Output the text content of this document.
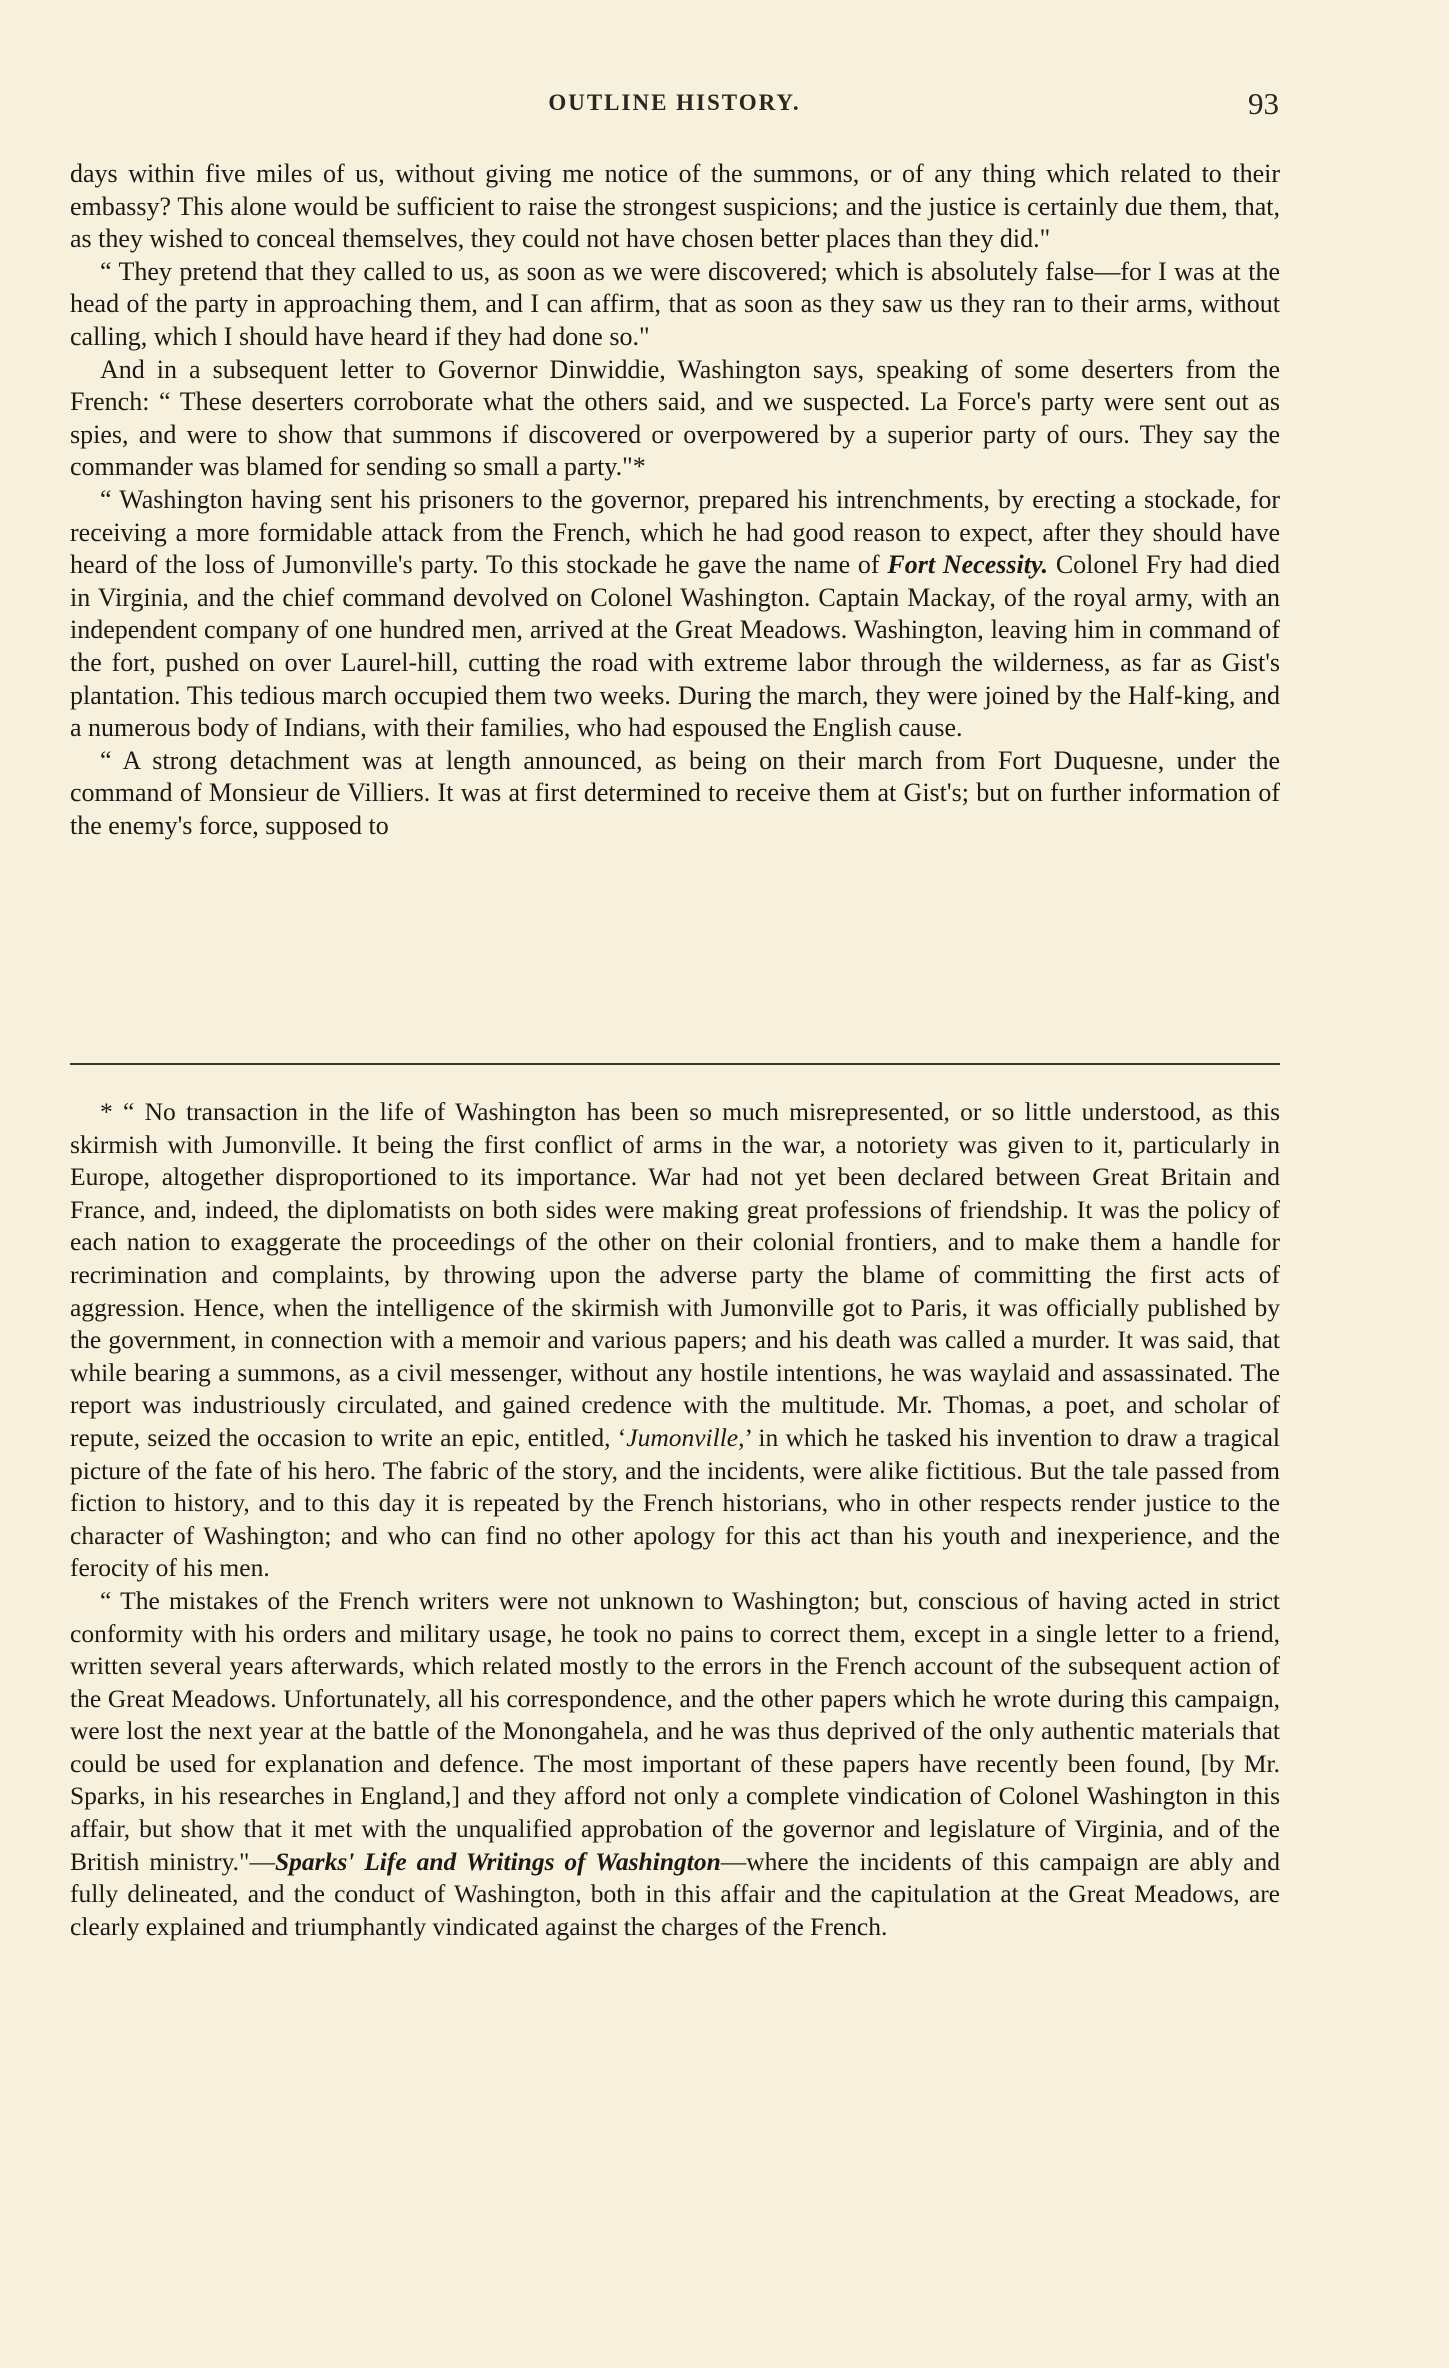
OUTLINE HISTORY.	93

days within five miles of us, without giving me notice of the summons, or of any thing which related to their embassy? This alone would be sufficient to raise the strongest suspicions; and the justice is certainly due them, that, as they wished to conceal themselves, they could not have chosen better places than they did."

“ They pretend that they called to us, as soon as we were discovered; which is absolutely false—for I was at the head of the party in approaching them, and I can affirm, that as soon as they saw us they ran to their arms, without calling, which I should have heard if they had done so."

And in a subsequent letter to Governor Dinwiddie, Washington says, speaking of some deserters from the French: “ These deserters corroborate what the others said, and we suspected. La Force's party were sent out as spies, and were to show that summons if discovered or overpowered by a superior party of ours. They say the commander was blamed for sending so small a party."*

“ Washington having sent his prisoners to the governor, prepared his intrenchments, by erecting a stockade, for receiving a more formidable attack from the French, which he had good reason to expect, after they should have heard of the loss of Jumonville's party. To this stockade he gave the name of Fort Necessity. Colonel Fry had died in Virginia, and the chief command devolved on Colonel Washington. Captain Mackay, of the royal army, with an independent company of one hundred men, arrived at the Great Meadows. Washington, leaving him in command of the fort, pushed on over Laurel-hill, cutting the road with extreme labor through the wilderness, as far as Gist's plantation. This tedious march occupied them two weeks. During the march, they were joined by the Half-king, and a numerous body of Indians, with their families, who had espoused the English cause.

“ A strong detachment was at length announced, as being on their march from Fort Duquesne, under the command of Monsieur de Villiers. It was at first determined to receive them at Gist's; but on further information of the enemy's force, supposed to

* “ No transaction in the life of Washington has been so much misrepresented, or so little understood, as this skirmish with Jumonville. It being the first conflict of arms in the war, a notoriety was given to it, particularly in Europe, altogether disproportioned to its importance. War had not yet been declared between Great Britain and France, and, indeed, the diplomatists on both sides were making great professions of friendship. It was the policy of each nation to exaggerate the proceedings of the other on their colonial frontiers, and to make them a handle for recrimination and complaints, by throwing upon the adverse party the blame of committing the first acts of aggression. Hence, when the intelligence of the skirmish with Jumonville got to Paris, it was officially published by the government, in connection with a memoir and various papers; and his death was called a murder. It was said, that while bearing a summons, as a civil messenger, without any hostile intentions, he was waylaid and assassinated. The report was industriously circulated, and gained credence with the multitude. Mr. Thomas, a poet, and scholar of repute, seized the occasion to write an epic, entitled, ‘Jumonville,’ in which he tasked his invention to draw a tragical picture of the fate of his hero. The fabric of the story, and the incidents, were alike fictitious. But the tale passed from fiction to history, and to this day it is repeated by the French historians, who in other respects render justice to the character of Washington; and who can find no other apology for this act than his youth and inexperience, and the ferocity of his men.

“ The mistakes of the French writers were not unknown to Washington; but, conscious of having acted in strict conformity with his orders and military usage, he took no pains to correct them, except in a single letter to a friend, written several years afterwards, which related mostly to the errors in the French account of the subsequent action of the Great Meadows. Unfortunately, all his correspondence, and the other papers which he wrote during this campaign, were lost the next year at the battle of the Monongahela, and he was thus deprived of the only authentic materials that could be used for explanation and defence. The most important of these papers have recently been found, [by Mr. Sparks, in his researches in England,] and they afford not only a complete vindication of Colonel Washington in this affair, but show that it met with the unqualified approbation of the governor and legislature of Virginia, and of the British ministry."—Sparks' Life and Writings of Washington—where the incidents of this campaign are ably and fully delineated, and the conduct of Washington, both in this affair and the capitulation at the Great Meadows, are clearly explained and triumphantly vindicated against the charges of the French.
